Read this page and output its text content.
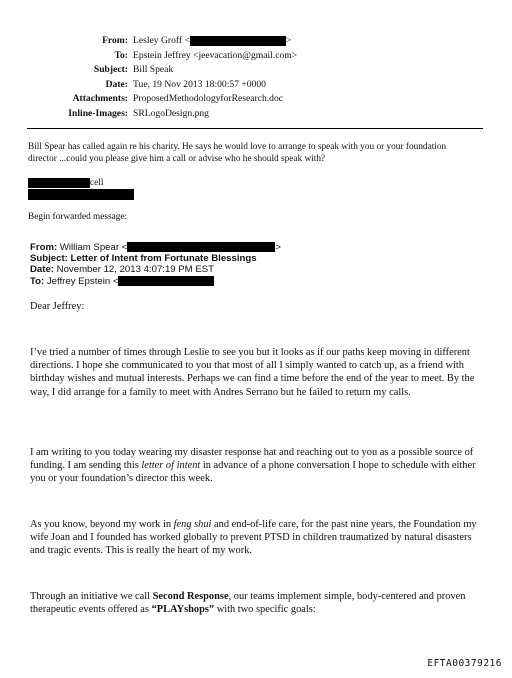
From: Lesley Groff <	>
To: Epstein Jeffrey <jeevacation@gmail.com>
Subject: Bill Speak
Date: Tue, 19 Nov 2013 18:00:57 +0000
Attachments: ProposedMethodologyforResearch.doc
Inline-Images: SRLogoDesign.png
Bill Spear has called again re his charity. He says he would love to arrange to speak with you or your foundation
director ...could you please give him a call or advise who he should speak with?
cell
Begin forwarded message:
From: William Spear <	>
Subject: Letter of Intent from Fortunate Blessings
Date: November 12, 2013 4:07:19 PM EST
To: Jeffrey Epstein <
Dear Jeffrey:

I’ve tried a number of times through Leslie to see you but it looks as if our paths keep moving in different directions. I hope she communicated to you that most of all I simply wanted to catch up, as a friend with birthday wishes and mutual interests. Perhaps we can find a time before the end of the year to meet. By the way, I did arrange for a family to meet with Andres Serrano but he failed to return my calls.

I am writing to you today wearing my disaster response hat and reaching out to you as a possible source of funding. I am sending this letter of intent in advance of a phone conversation I hope to schedule with either you or your foundation’s director this week.

As you know, beyond my work in feng shui and end-of-life care, for the past nine years, the Foundation my wife Joan and I founded has worked globally to prevent PTSD in children traumatized by natural disasters and tragic events. This is really the heart of my work.

Through an initiative we call Second Response, our teams implement simple, body-centered and proven therapeutic events offered as “PLAYshops” with two specific goals:

EFTA00379216
